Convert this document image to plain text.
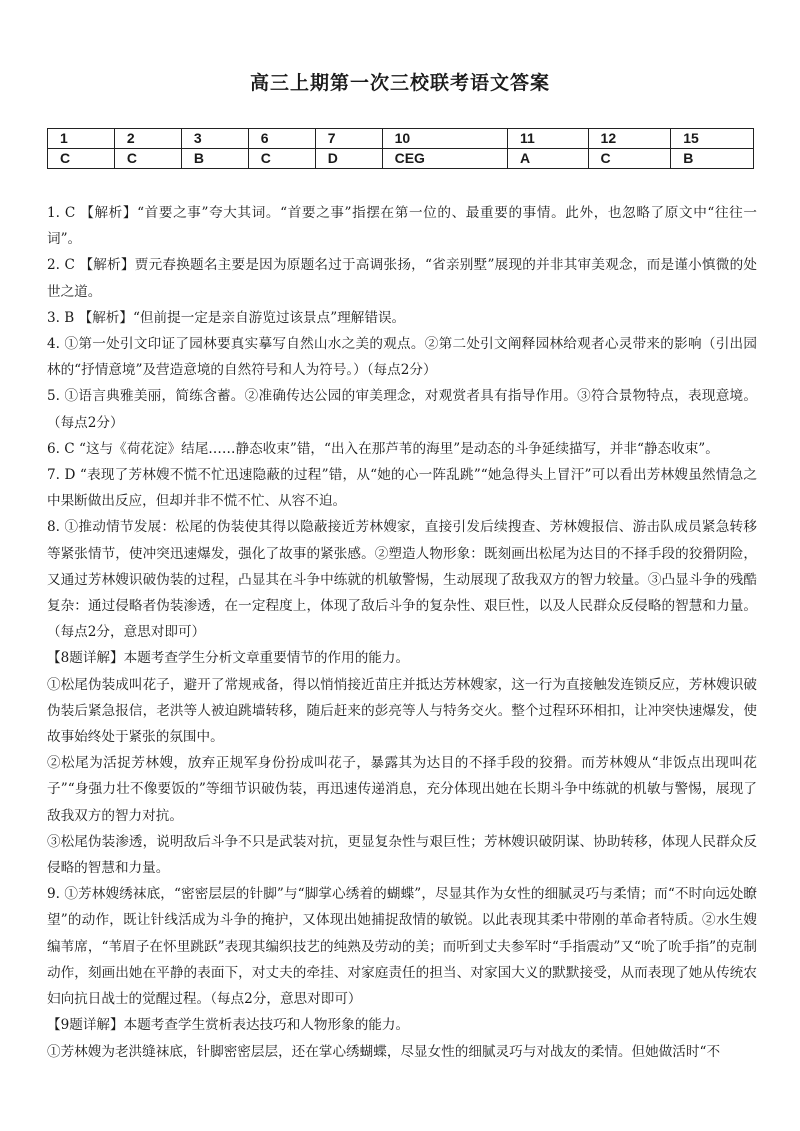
高三上期第一次三校联考语文答案
1	2	3	6	7	10	11	12	15
C	C	B	C	D	CEG	A	C	B

1. C 【解析】“首要之事”夸大其词。“首要之事”指摆在第一位的、最重要的事情。此外，也忽略了原文中“往往一词”。

2. C 【解析】贾元春换题名主要是因为原题名过于高调张扬，“省亲别墅”展现的并非其审美观念，而是谨小慎微的处世之道。

3. B 【解析】“但前提一定是亲自游览过该景点”理解错误。

4. ①第一处引文印证了园林要真实摹写自然山水之美的观点。②第二处引文阐释园林给观者心灵带来的影响（引出园林的“抒情意境”及营造意境的自然符号和人为符号。）（每点2分）

5. ①语言典雅美丽，简练含蓄。②准确传达公园的审美理念，对观赏者具有指导作用。③符合景物特点，表现意境。（每点2分）

6. C “这与《荷花淀》结尾……静态收束”错，“出入在那芦苇的海里”是动态的斗争延续描写，并非“静态收束”。

7. D “表现了芳林嫂不慌不忙迅速隐蔽的过程”错，从“她的心一阵乱跳”“她急得头上冒汗”可以看出芳林嫂虽然情急之中果断做出反应，但却并非不慌不忙、从容不迫。

8. ①推动情节发展：松尾的伪装使其得以隐蔽接近芳林嫂家，直接引发后续搜查、芳林嫂报信、游击队成员紧急转移等紧张情节，使冲突迅速爆发，强化了故事的紧张感。②塑造人物形象：既刻画出松尾为达目的不择手段的狡猾阴险，又通过芳林嫂识破伪装的过程，凸显其在斗争中练就的机敏警惕，生动展现了敌我双方的智力较量。③凸显斗争的残酷复杂：通过侵略者伪装渗透，在一定程度上，体现了敌后斗争的复杂性、艰巨性，以及人民群众反侵略的智慧和力量。（每点2分，意思对即可）

【8题详解】本题考查学生分析文章重要情节的作用的能力。

①松尾伪装成叫花子，避开了常规戒备，得以悄悄接近苗庄并抵达芳林嫂家，这一行为直接触发连锁反应，芳林嫂识破伪装后紧急报信，老洪等人被迫跳墙转移，随后赶来的彭亮等人与特务交火。整个过程环环相扣，让冲突快速爆发，使故事始终处于紧张的氛围中。

②松尾为活捉芳林嫂，放弃正规军身份扮成叫花子，暴露其为达目的不择手段的狡猾。而芳林嫂从“非饭点出现叫花子”“身强力壮不像要饭的”等细节识破伪装，再迅速传递消息，充分体现出她在长期斗争中练就的机敏与警惕，展现了敌我双方的智力对抗。

③松尾伪装渗透，说明敌后斗争不只是武装对抗，更显复杂性与艰巨性；芳林嫂识破阴谋、协助转移，体现人民群众反侵略的智慧和力量。

9. ①芳林嫂绣袜底，“密密层层的针脚”与“脚掌心绣着的蝴蝶”，尽显其作为女性的细腻灵巧与柔情；而“不时向远处瞭望”的动作，既让针线活成为斗争的掩护，又体现出她捕捉敌情的敏锐。以此表现其柔中带刚的革命者特质。②水生嫂编苇席，“苇眉子在怀里跳跃”表现其编织技艺的纯熟及劳动的美；而听到丈夫参军时“手指震动”又“吮了吮手指”的克制动作，刻画出她在平静的表面下，对丈夫的牵挂、对家庭责任的担当、对家国大义的默默接受，从而表现了她从传统农妇向抗日战士的觉醒过程。（每点2分，意思对即可）

【9题详解】本题考查学生赏析表达技巧和人物形象的能力。

①芳林嫂为老洪缝袜底，针脚密密层层，还在掌心绣蝴蝶，尽显女性的细腻灵巧与对战友的柔情。但她做活时“不
